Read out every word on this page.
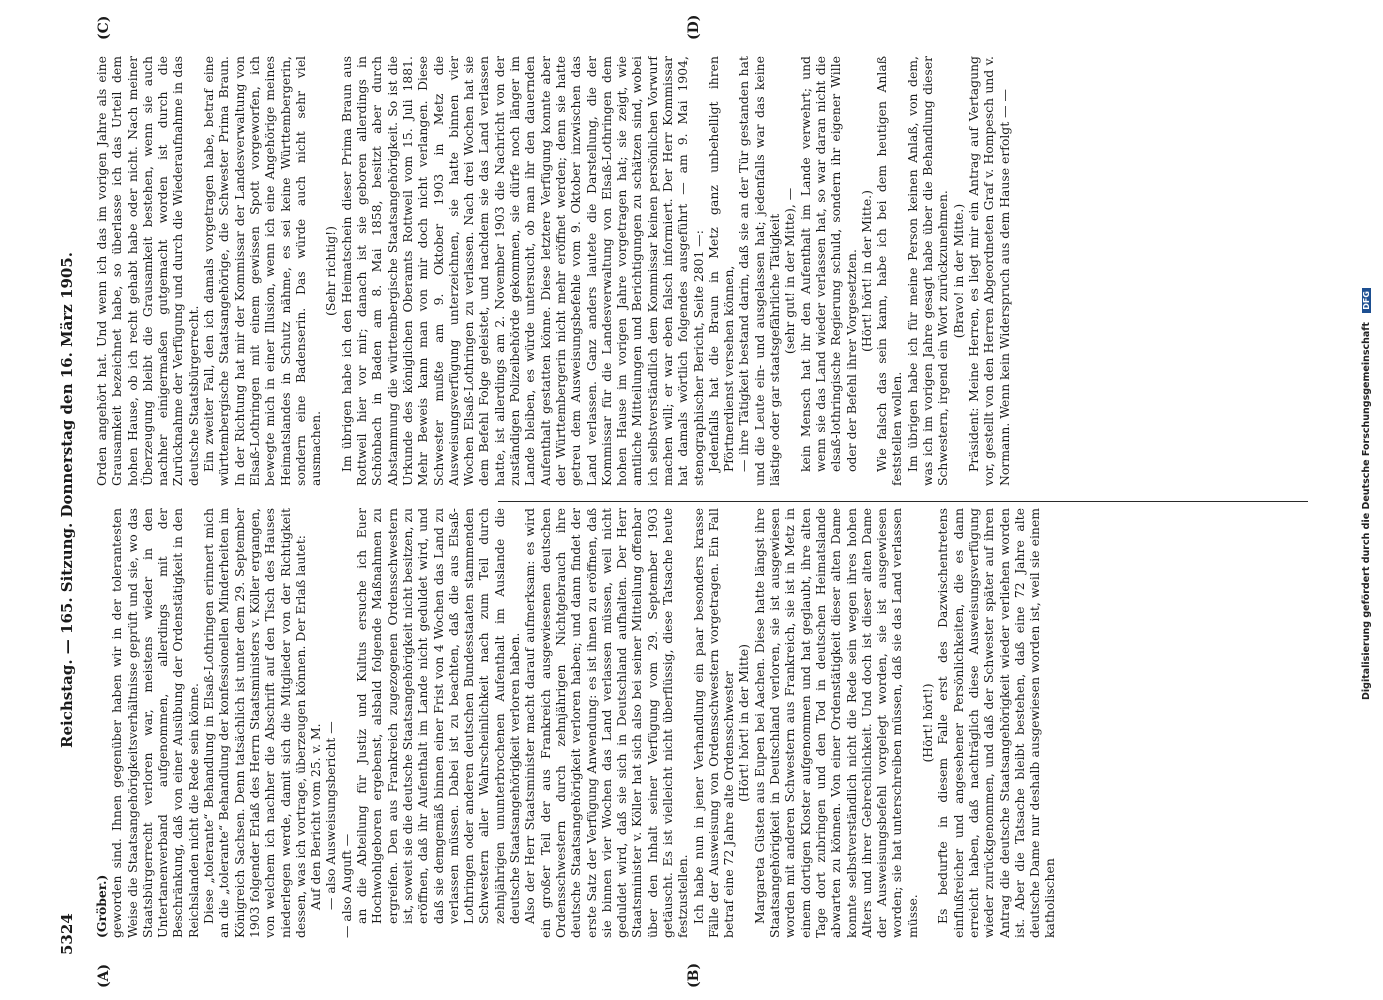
5324
Reichstag. — 165. Sitzung. Donnerstag den 16. März 1905.
(A)	(B)
(C)	(D)

(Gröber.) geworden sind. Ihnen gegenüber haben wir in der tolerantesten Weise die Staatsangehörigkeitsverhältnisse geprüft und sie, wo das Staatsbürgerrecht verloren war, meistens wieder in den Untertanenverband aufgenommen, allerdings mit der Beschränkung, daß von einer Ausübung der Ordenstätigkeit in den Reichslanden nicht die Rede sein könne. Diese „tolerante“ Behandlung in Elsaß-Lothringen erinnert mich an die „tolerante“ Behandlung der konfessionellen Minderheiten im Königreich Sachsen. Denn tatsächlich ist unter dem 29. September 1903 folgender Erlaß des Herrn Staatsministers v. Köller ergangen, von welchem ich nachher die Abschrift auf den Tisch des Hauses niederlegen werde, damit sich die Mitglieder von der Richtigkeit dessen, was ich vortrage, überzeugen können. Der Erlaß lautet: Auf den Bericht vom 25. v. M. — also Ausweisungsbericht — — also Auguft — an die Abteilung für Justiz und Kultus ersuche ich Euer Hochwohlgeboren ergebenst, alsbald folgende Maßnahmen zu ergreifen. Den aus Frankreich zugezogenen Ordensschwestern ist, soweit sie die deutsche Staatsangehörigkeit nicht besitzen, zu eröffnen, daß ihr Aufenthalt im Lande nicht geduldet wird, und daß sie demgemäß binnen einer Frist von 4 Wochen das Land zu verlassen müssen. Dabei ist zu beachten, daß die aus Elsaß-Lothringen oder anderen deutschen Bundesstaaten stammenden Schwestern aller Wahrscheinlichkeit nach zum Teil durch zehnjährigen ununterbrochenen Aufenthalt im Auslande die deutsche Staatsangehörigkeit verloren haben. Also der Herr Staatsminister macht darauf aufmerksam: es wird ein großer Teil der aus Frankreich ausgewiesenen deutschen Ordensschwestern durch zehnjährigen Nichtgebrauch ihre deutsche Staatsangehörigkeit verloren haben; und dann findet der erste Satz der Verfügung Anwendung: es ist ihnen zu eröffnen, daß sie binnen vier Wochen das Land verlassen müssen, weil nicht geduldet wird, daß sie sich in Deutschland aufhalten. Der Herr Staatsminister v. Köller hat sich also bei seiner Mitteilung offenbar über den Inhalt seiner Verfügung vom 29. September 1903 getäuscht. Es ist vielleicht nicht überflüssig, diese Tatsache heute festzustellen. Ich habe nun in jener Verhandlung ein paar besonders krasse Fälle der Ausweisung von Ordensschwestern vorgetragen. Ein Fall betraf eine 72 Jahre alte Ordensschwester (Hört! hört! in der Mitte) Margareta Güsten aus Eupen bei Aachen. Diese hatte längst ihre Staatsangehörigkeit in Deutschland verloren, sie ist ausgewiesen worden mit anderen Schwestern aus Frankreich, sie ist in Metz in einem dortigen Kloster aufgenommen und hat geglaubt, ihre alten Tage dort zubringen und den Tod in deutschen Heimatslande abwarten zu können. Von einer Ordenstätigkeit dieser alten Dame konnte selbstverständlich nicht die Rede sein wegen ihres hohen Alters und ihrer Gebrechlichkeit. Und doch ist dieser alten Dame der Ausweisungsbefehl vorgelegt worden, sie ist ausgewiesen worden; sie hat unterschreiben müssen, daß sie das Land verlassen müsse.

(Hört! hört!) Es bedurfte in diesem Falle erst des Dazwischentretens einflußreicher und angesehener Persönlichkeiten, die es dann erreicht haben, daß nachträglich diese Ausweisungsverfügung wieder zurückgenommen, und daß der Schwester später auf ihren Antrag die deutsche Staatsangehörigkeit wieder verliehen worden ist. Aber die Tatsache bleibt bestehen, daß eine 72 Jahre alte deutsche Dame nur deshalb ausgewiesen worden ist, weil sie einem katholischen

Orden angehört hat. Und wenn ich das im vorigen Jahre als eine Grausamkeit bezeichnet habe, so überlasse ich das Urteil dem hohen Hause, ob ich recht gehabt habe oder nicht. Nach meiner Überzeugung bleibt die Grausamkeit bestehen, wenn sie auch nachher einigermaßen gutgemacht worden ist durch die Zurücknahme der Verfügung und durch die Wiederaufnahme in das deutsche Staatsbürgerrecht. Ein zweiter Fall, den ich damals vorgetragen habe, betraf eine württembergische Staatsangehörige, die Schwester Prima Braun. In der Richtung hat mir der Kommissar der Landesverwaltung von Elsaß-Lothringen mit einem gewissen Spott vorgeworfen, ich bewegte mich in einer Illusion, wenn ich eine Angehörige meines Heimatslandes in Schutz nähme, es sei keine Württembergerin, sondern eine Badenserin. Das würde auch nicht sehr viel ausmachen.

(Sehr richtig!) Im übrigen habe ich den Heimatschein dieser Prima Braun aus Rottweil hier vor mir; danach ist sie geboren allerdings in Schönbach in Baden am 8. Mai 1858, besitzt aber durch Abstammung die württembergische Staatsangehörigkeit. So ist die Urkunde des königlichen Oberamts Rottweil vom 15. Juli 1881. Mehr Beweis kann man von mir doch nicht verlangen. Diese Schwester mußte am 9. Oktober 1903 in Metz die Ausweisungsverfügung unterzeichnen, sie hatte binnen vier Wochen Elsaß-Lothringen zu verlassen. Nach drei Wochen hat sie dem Befehl Folge geleistet, und nachdem sie das Land verlassen hatte, ist allerdings am 2. November 1903 die Nachricht von der zuständigen Polizeibehörde gekommen, sie dürfe noch länger im Lande bleiben, es würde untersucht, ob man ihr den dauernden Aufenthalt gestatten könne. Diese letztere Verfügung konnte aber der Württembergerin nicht mehr eröffnet werden; denn sie hatte getreu dem Ausweisungsbefehle vom 9. Oktober inzwischen das Land verlassen. Ganz anders lautete die Darstellung, die der Kommissar für die Landesverwaltung von Elsaß-Lothringen dem hohen Hause im vorigen Jahre vorgetragen hat; sie zeigt, wie amtliche Mitteilungen und Berichtigungen zu schätzen sind, wobei ich selbstverständlich dem Kommissar keinen persönlichen Vorwurf machen will; er war eben falsch informiert. Der Herr Kommissar hat damals wörtlich folgendes ausgeführt — am 9. Mai 1904, stenographischer Bericht, Seite 2801 —: Jedenfalls hat die Braun in Metz ganz unbehelligt ihren Pförtnerdienst versehen können, — ihre Tätigkeit bestand darin, daß sie an der Tür gestanden hat und die Leute ein- und ausgelassen hat; jedenfalls war das keine lästige oder gar staatsgefährliche Tätigkeit (sehr gut! in der Mitte), — kein Mensch hat ihr den Aufenthalt im Lande verwehrt; und wenn sie das Land wieder verlassen hat, so war daran nicht die elsaß-lothringische Regierung schuld, sondern ihr eigener Wille oder der Befehl ihrer Vorgesetzten. (Hört! hört! in der Mitte.) Wie falsch das sein kann, habe ich bei dem heutigen Anlaß feststellen wollen. Im übrigen habe ich für meine Person keinen Anlaß, von dem, was ich im vorigen Jahre gesagt habe über die Behandlung dieser Schwestern, irgend ein Wort zurückzunehmen. (Bravo! in der Mitte.) Präsident: Meine Herren, es liegt mir ein Antrag auf Vertagung vor, gestellt von den Herren Abgeordneten Graf v. Hompesch und v. Normann. Wenn kein Widerspruch aus dem Hause erfolgt — —

Digitalisierung gefördert durch die Deutsche Forschungsgemeinschaft DFG
